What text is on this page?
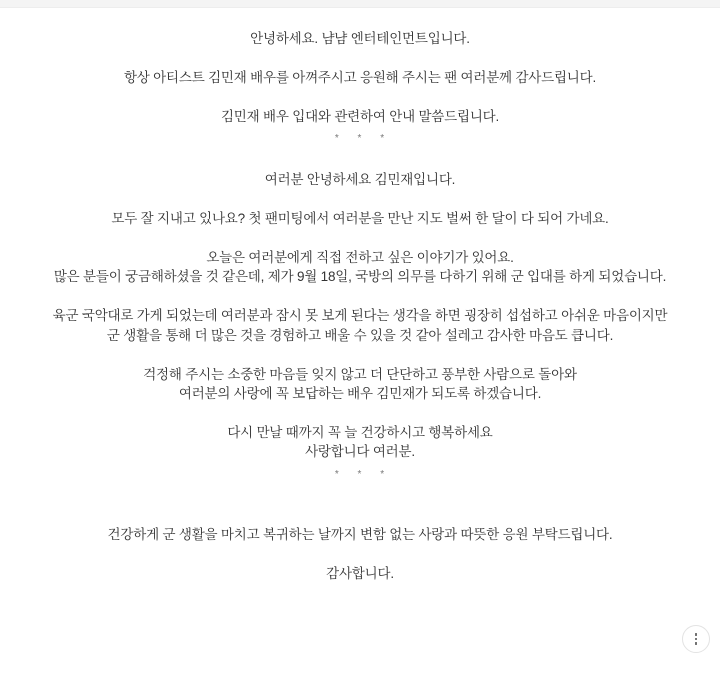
안녕하세요. 냠냠 엔터테인먼트입니다.

항상 아티스트 김민재 배우를 아껴주시고 응원해 주시는 팬 여러분께 감사드립니다.

김민재 배우 입대와 관련하여 안내 말씀드립니다.

* * *

여러분 안녕하세요 김민재입니다.

모두 잘 지내고 있나요? 첫 팬미팅에서 여러분을 만난 지도 벌써 한 달이 다 되어 가네요.

오늘은 여러분에게 직접 전하고 싶은 이야기가 있어요.

많은 분들이 궁금해하셨을 것 같은데, 제가 9월 18일, 국방의 의무를 다하기 위해 군 입대를 하게 되었습니다.

육군 국악대로 가게 되었는데 여러분과 잠시 못 보게 된다는 생각을 하면 굉장히 섭섭하고 아쉬운 마음이지만

군 생활을 통해 더 많은 것을 경험하고 배울 수 있을 것 같아 설레고 감사한 마음도 큽니다.

걱정해 주시는 소중한 마음들 잊지 않고 더 단단하고 풍부한 사람으로 돌아와

여러분의 사랑에 꼭 보답하는 배우 김민재가 되도록 하겠습니다.

다시 만날 때까지 꼭 늘 건강하시고 행복하세요

사랑합니다 여러분.

* * *

건강하게 군 생활을 마치고 복귀하는 날까지 변함 없는 사랑과 따뜻한 응원 부탁드립니다.

감사합니다.
